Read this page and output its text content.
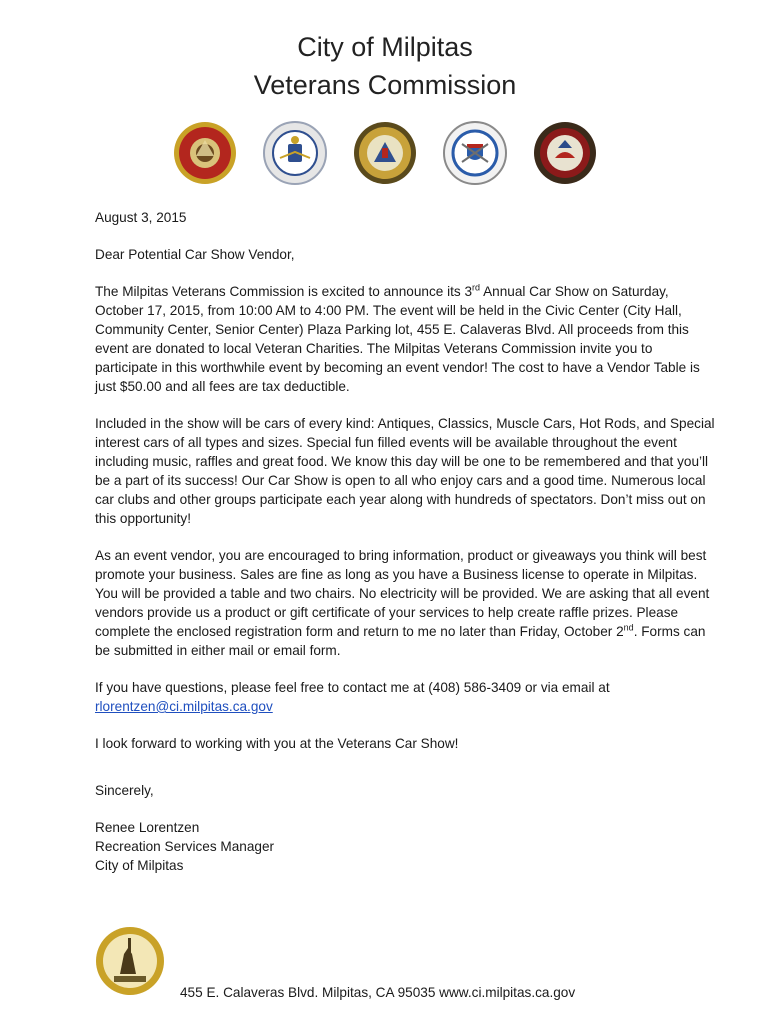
City of Milpitas
Veterans Commission

August 3, 2015

Dear Potential Car Show Vendor,

The Milpitas Veterans Commission is excited to announce its 3rd Annual Car Show on Saturday, October 17, 2015, from 10:00 AM to 4:00 PM. The event will be held in the Civic Center (City Hall, Community Center, Senior Center) Plaza Parking lot, 455 E. Calaveras Blvd. All proceeds from this event are donated to local Veteran Charities. The Milpitas Veterans Commission invite you to participate in this worthwhile event by becoming an event vendor! The cost to have a Vendor Table is just $50.00 and all fees are tax deductible.

Included in the show will be cars of every kind: Antiques, Classics, Muscle Cars, Hot Rods, and Special interest cars of all types and sizes. Special fun filled events will be available throughout the event including music, raffles and great food. We know this day will be one to be remembered and that you’ll be a part of its success! Our Car Show is open to all who enjoy cars and a good time. Numerous local car clubs and other groups participate each year along with hundreds of spectators. Don’t miss out on this opportunity!

As an event vendor, you are encouraged to bring information, product or giveaways you think will best promote your business. Sales are fine as long as you have a Business license to operate in Milpitas. You will be provided a table and two chairs. No electricity will be provided. We are asking that all event vendors provide us a product or gift certificate of your services to help create raffle prizes. Please complete the enclosed registration form and return to me no later than Friday, October 2nd. Forms can be submitted in either mail or email form.

If you have questions, please feel free to contact me at (408) 586-3409 or via email at
rlorentzen@ci.milpitas.ca.gov

I look forward to working with you at the Veterans Car Show!

Sincerely,

Renee Lorentzen

Recreation Services Manager

City of Milpitas

455 E. Calaveras Blvd. Milpitas, CA 95035 www.ci.milpitas.ca.gov
